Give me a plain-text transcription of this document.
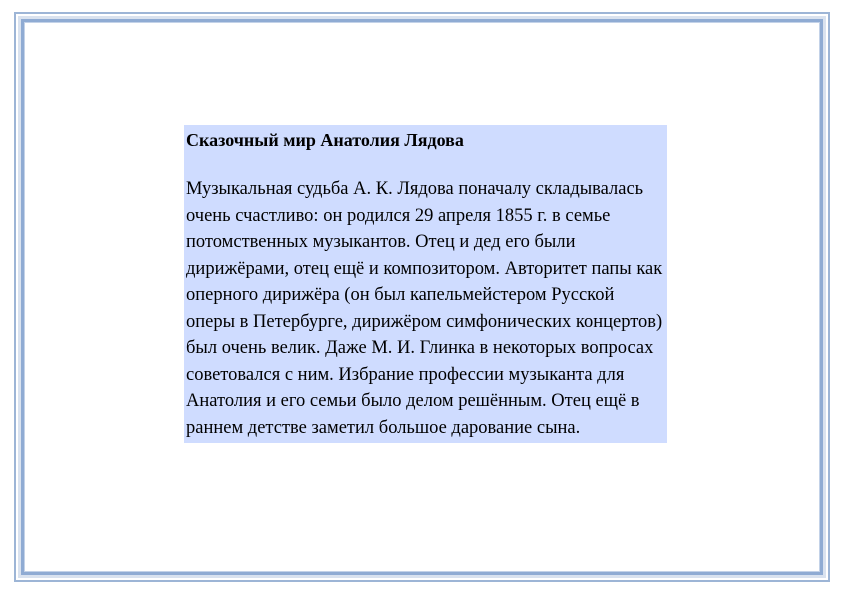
Сказочный мир Анатолия Лядова

Музыкальная судьба А. К. Лядова поначалу складывалась очень счастливо: он родился 29 апреля 1855 г. в семье потомственных музыкантов. Отец и дед его были дирижёрами, отец ещё и композитором. Авторитет папы как оперного дирижёра (он был капельмейстером Русской оперы в Петербурге, дирижёром симфонических концертов) был очень велик. Даже М. И. Глинка в некоторых вопросах советовался с ним. Избрание профессии музыканта для Анатолия и его семьи было делом решённым. Отец ещё в раннем детстве заметил большое дарование сына.
